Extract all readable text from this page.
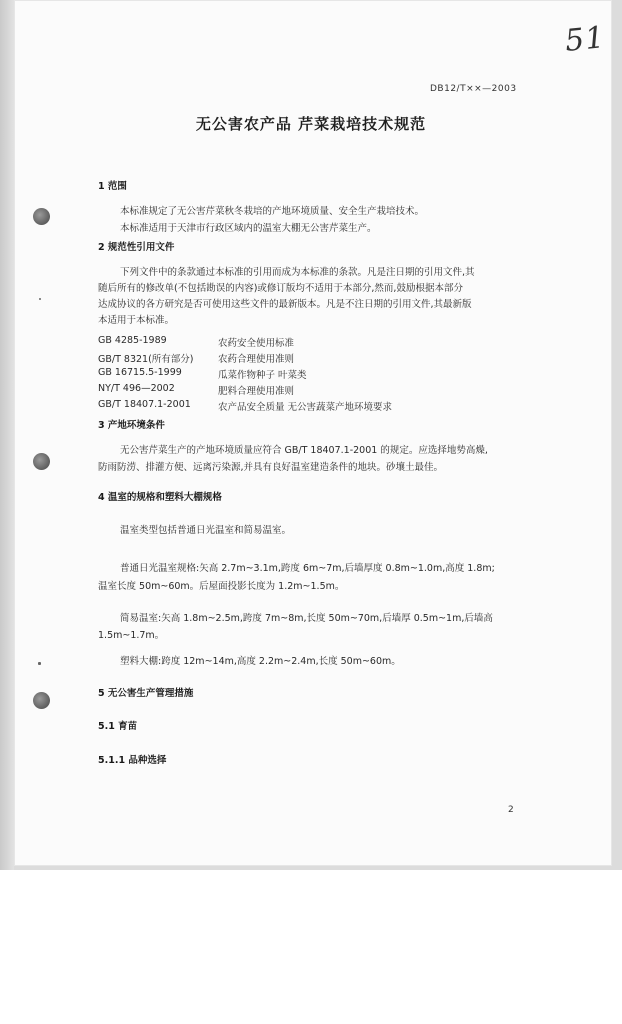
51
DB12/T××—2003
无公害农产品 芹菜栽培技术规范
1 范围
本标准规定了无公害芹菜秋冬栽培的产地环境质量、安全生产栽培技术。
本标准适用于天津市行政区域内的温室大棚无公害芹菜生产。
2 规范性引用文件
下列文件中的条款通过本标准的引用而成为本标准的条款。凡是注日期的引用文件,其
随后所有的修改单(不包括勘误的内容)或修订版均不适用于本部分,然而,鼓励根据本部分
达成协议的各方研究是否可使用这些文件的最新版本。凡是不注日期的引用文件,其最新版
本适用于本标准。
GB 4285-1989	农药安全使用标准
GB/T 8321(所有部分)	农药合理使用准则
GB 16715.5-1999	瓜菜作物种子 叶菜类
NY/T 496—2002	肥料合理使用准则
GB/T 18407.1-2001	农产品安全质量 无公害蔬菜产地环境要求
3 产地环境条件
无公害芹菜生产的产地环境质量应符合 GB/T 18407.1-2001 的规定。应选择地势高燥,
防雨防涝、排灌方便、远离污染源,并具有良好温室建造条件的地块。砂壤土最佳。
4 温室的规格和塑料大棚规格
温室类型包括普通日光温室和简易温室。
普通日光温室规格:矢高 2.7m~3.1m,跨度 6m~7m,后墙厚度 0.8m~1.0m,高度 1.8m;
温室长度 50m~60m。后屋面投影长度为 1.2m~1.5m。
简易温室:矢高 1.8m~2.5m,跨度 7m~8m,长度 50m~70m,后墙厚 0.5m~1m,后墙高
1.5m~1.7m。
塑料大棚:跨度 12m~14m,高度 2.2m~2.4m,长度 50m~60m。
5 无公害生产管理措施
5.1 育苗
5.1.1 品种选择
2
